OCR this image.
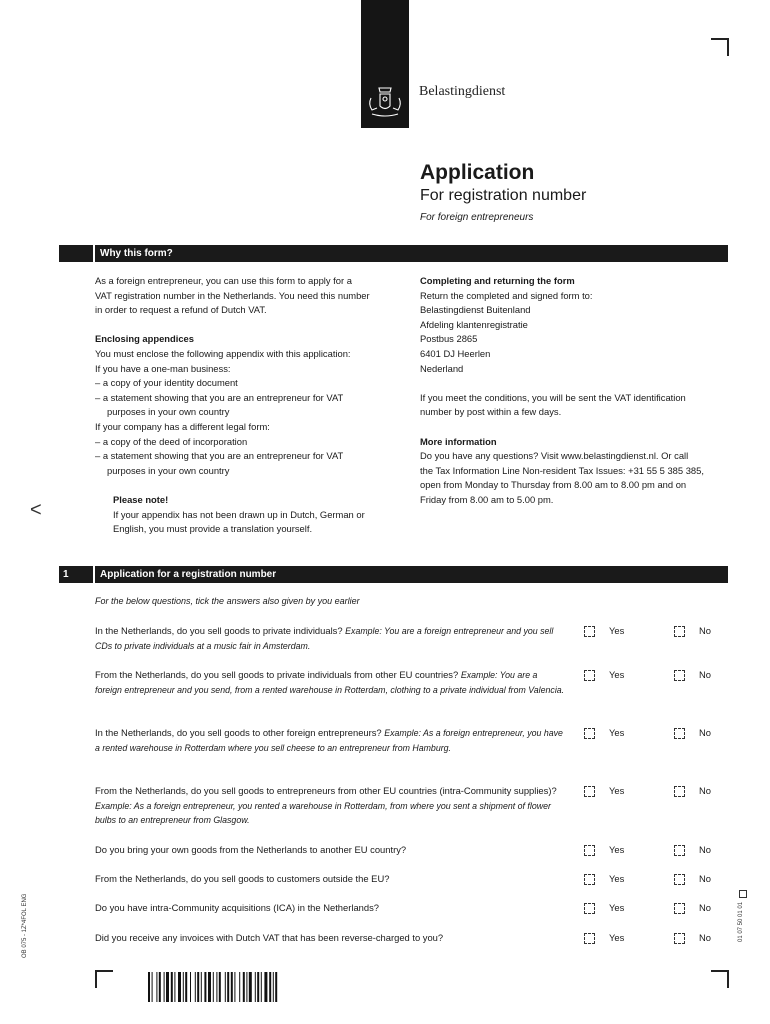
Belastingdienst
<
Application
For registration number
For foreign entrepreneurs
Why this form?

As a foreign entrepreneur, you can use this form to apply for a

VAT registration number in the Netherlands. You need this number

in order to request a refund of Dutch VAT.

Enclosing appendices

You must enclose the following appendix with this application:

If you have a one-man business:

– a copy of your identity document

– a statement showing that you are an entrepreneur for VAT

purposes in your own country

If your company has a different legal form:

– a copy of the deed of incorporation

– a statement showing that you are an entrepreneur for VAT

purposes in your own country

Please note!

If your appendix has not been drawn up in Dutch, German or

English, you must provide a translation yourself.

Completing and returning the form

Return the completed and signed form to:

Belastingdienst Buitenland

Afdeling klantenregistratie

Postbus 2865

6401 DJ Heerlen

Nederland

If you meet the conditions, you will be sent the VAT identification

number by post within a few days.

More information

Do you have any questions? Visit www.belastingdienst.nl. Or call

the Tax Information Line Non-resident Tax Issues: +31 55 5 385 385,

open from Monday to Thursday from 8.00 am to 8.00 pm and on

Friday from 8.00 am to 5.00 pm.

1	Application for a registration number
For the below questions, tick the answers also given by you earlier
In the Netherlands, do you sell goods to private individuals? Example: You are a foreign entrepreneur and you sell CDs to private individuals at a music fair in Amsterdam.
Yes	No
From the Netherlands, do you sell goods to private individuals from other EU countries? Example: You are a foreign entrepreneur and you send, from a rented warehouse in Rotterdam, clothing to a private individual from Valencia.
Yes	No
In the Netherlands, do you sell goods to other foreign entrepreneurs? Example: As a foreign entrepreneur, you have a rented warehouse in Rotterdam where you sell cheese to an entrepreneur from Hamburg.
Yes	No
From the Netherlands, do you sell goods to entrepreneurs from other EU countries (intra-Community supplies)? Example: As a foreign entrepreneur, you rented a warehouse in Rotterdam, from where you sent a shipment of flower bulbs to an entrepreneur from Glasgow.
Yes	No
Do you bring your own goods from the Netherlands to another EU country?	Yes	No
From the Netherlands, do you sell goods to customers outside the EU?	Yes	No
Do you have intra-Community acquisitions (ICA) in the Netherlands?	Yes	No
Did you receive any invoices with Dutch VAT that has been reverse-charged to you?	Yes	No
OB 075 - 1Z*4FOL ENG	01 07 50 01 01
